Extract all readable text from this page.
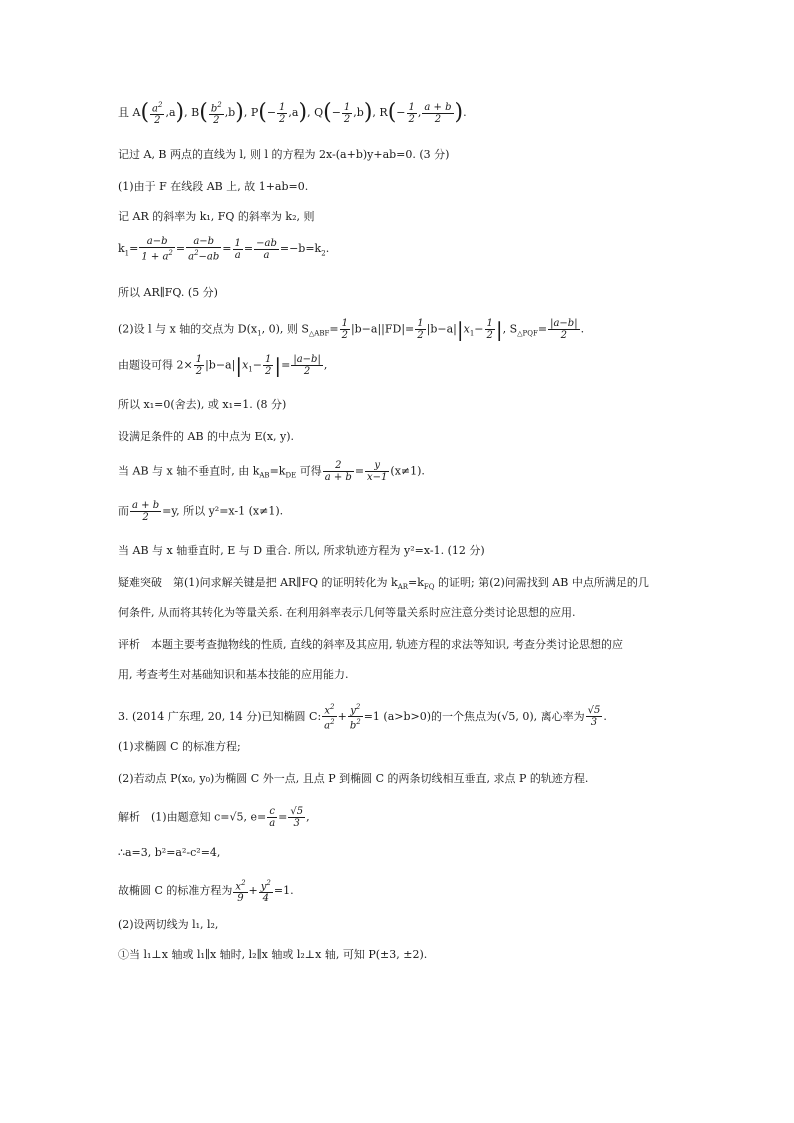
且 $A( \frac{a^2}{2} ,a)$, $B( \frac{b^2}{2} ,b)$, $P(- \frac{1}{2} ,a)$, $Q(- \frac{1}{2} ,b)$, $R(- \frac{1}{2}$ , $\frac{a + b}{2}$ ).
记过 A, B 两点的直线为 l, 则 l 的方程为 2x-(a+b)y+ab=0. (3 分)
(1)由于 F 在线段 AB 上, 故 1+ab=0.
记 AR 的斜率为 k₁, FQ 的斜率为 k₂, 则
$k_1= \frac{a-b}{1 + a^2} = \frac{a-b}{a^2-ab} = \frac{1}{a} = \frac{-ab}{a} =-b=k_2$.
所以 AR∥FQ. (5 分)
(2)设 l 与 x 轴的交点为 $D(x_1$, 0), 则 $S_{\triangle ABF}= \frac{1}{2} |b-a||FD|= \frac{1}{2} |b-a||x_1- \frac{1}{2}$ |, $S_{\triangle PQF}= \frac{|a-b|}{2}$ .
由题设可得 $2\times \frac{1}{2} |b-a||x_1- \frac{1}{2}$ |= $\frac{|a-b|}{2}$ ,
所以 x₁=0(舍去), 或 x₁=1. (8 分)
设满足条件的 AB 的中点为 E(x, y).
当 AB 与 x 轴不垂直时, 由 $k_{AB}=k_{DE}$ 可得 $\frac{2}{a + b} = \frac{y}{x-1} (x\ne 1)$.
而 $\frac{a + b}{2} =y$, 所以 y²=x-1 (x≠1).
当 AB 与 x 轴垂直时, E 与 D 重合. 所以, 所求轨迹方程为 y²=x-1. (12 分)
疑难突破　第(1)问求解关键是把 AR∥FQ 的证明转化为 $k_{AR}=k_{FQ}$ 的证明; 第(2)问需找到 AB 中点所满足的几
何条件, 从而将其转化为等量关系. 在利用斜率表示几何等量关系时应注意分类讨论思想的应用.
评析　本题主要考查抛物线的性质, 直线的斜率及其应用, 轨迹方程的求法等知识, 考查分类讨论思想的应
用, 考查考生对基础知识和基本技能的应用能力.
3. (2014 广东理, 20, 14 分)已知椭圆 C: $\frac{x^2}{a^2} + \frac{y^2}{b^2} =1$ (a>b>0)的一个焦点为(√5, 0), 离心率为 $\frac{√5}{3}$ .
(1)求椭圆 C 的标准方程;
(2)若动点 P(x₀, y₀)为椭圆 C 外一点, 且点 P 到椭圆 C 的两条切线相互垂直, 求点 P 的轨迹方程.
解析　(1)由题意知 c=√5, $e= \frac{c}{a} = \frac{√5}{3}$ ,
∴a=3, b²=a²-c²=4,
故椭圆 C 的标准方程为 $\frac{x^2}{9} + \frac{y^2}{4} =1$.
(2)设两切线为 l₁, l₂,
①当 l₁⊥x 轴或 l₁∥x 轴时, l₂∥x 轴或 l₂⊥x 轴, 可知 P(±3, ±2).
